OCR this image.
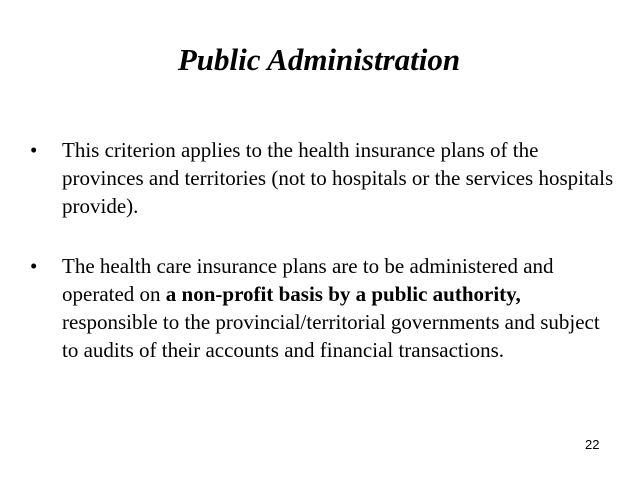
Public Administration
• This criterion applies to the health insurance plans of the provinces and territories (not to hospitals or the services hospitals provide).
• The health care insurance plans are to be administered and operated on a non-profit basis by a public authority, responsible to the provincial/territorial governments and subject to audits of their accounts and financial transactions.
22
